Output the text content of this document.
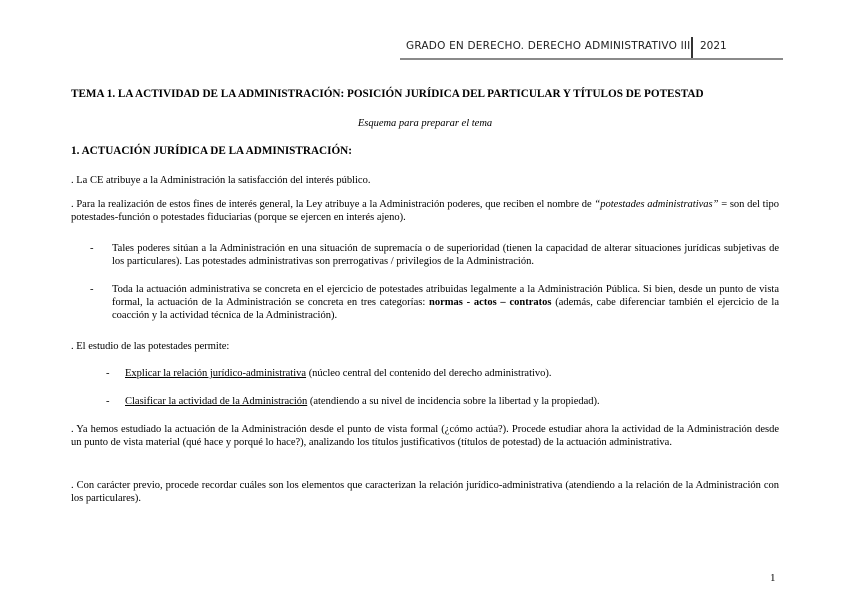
GRADO EN DERECHO. DERECHO ADMINISTRATIVO III 2021
TEMA 1. LA ACTIVIDAD DE LA ADMINISTRACIÓN: POSICIÓN JURÍDICA DEL PARTICULAR Y TÍTULOS DE POTESTAD
Esquema para preparar el tema
1. ACTUACIÓN JURÍDICA DE LA ADMINISTRACIÓN:
. La CE atribuye a la Administración la satisfacción del interés público.
. Para la realización de estos fines de interés general, la Ley atribuye a la Administración poderes, que reciben el nombre de “potestades administrativas” = son del tipo potestades-función o potestades fiduciarias (porque se ejercen en interés ajeno).
-	Tales poderes sitúan a la Administración en una situación de supremacía o de superioridad (tienen la capacidad de alterar situaciones jurídicas subjetivas de los particulares). Las potestades administrativas son prerrogativas / privilegios de la Administración.
-	Toda la actuación administrativa se concreta en el ejercicio de potestades atribuidas legalmente a la Administración Pública. Si bien, desde un punto de vista formal, la actuación de la Administración se concreta en tres categorías: normas - actos – contratos (además, cabe diferenciar también el ejercicio de la coacción y la actividad técnica de la Administración).
. El estudio de las potestades permite:
-	Explicar la relación jurídico-administrativa (núcleo central del contenido del derecho administrativo).
-	Clasificar la actividad de la Administración (atendiendo a su nivel de incidencia sobre la libertad y la propiedad).
. Ya hemos estudiado la actuación de la Administración desde el punto de vista formal (¿cómo actúa?). Procede estudiar ahora la actividad de la Administración desde un punto de vista material (qué hace y porqué lo hace?), analizando los títulos justificativos (títulos de potestad) de la actuación administrativa.
. Con carácter previo, procede recordar cuáles son los elementos que caracterizan la relación jurídico-administrativa (atendiendo a la relación de la Administración con los particulares).
1
